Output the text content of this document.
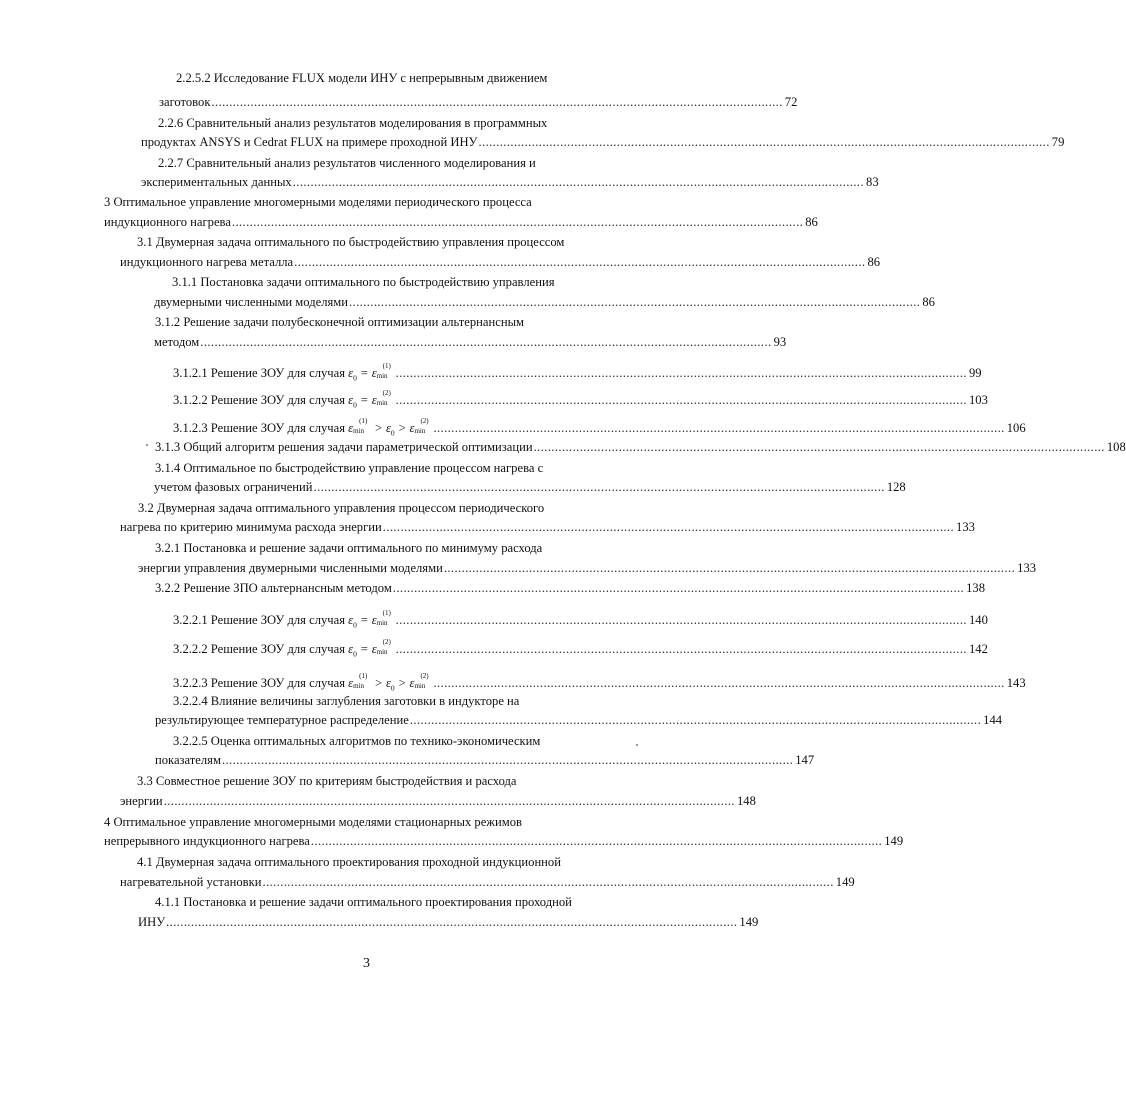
2.2.5.2 Исследование FLUX модели ИНУ с непрерывным движением
заготовок ................................................................................................................................................................. 72
2.2.6 Сравнительный анализ результатов моделирования в программных
продуктах ANSYS и Cedrat FLUX на примере проходной ИНУ ................................................................................................................................................................. 79
2.2.7 Сравнительный анализ результатов численного моделирования и
экспериментальных данных ................................................................................................................................................................. 83
3 Оптимальное управление многомерными моделями периодического процесса
индукционного нагрева ................................................................................................................................................................. 86
3.1 Двумерная задача оптимального по быстродействию управления процессом
индукционного нагрева металла ................................................................................................................................................................. 86
3.1.1 Постановка задачи оптимального по быстродействию управления
двумерными численными моделями ................................................................................................................................................................. 86
3.1.2 Решение задачи полубесконечной оптимизации альтернансным
методом ................................................................................................................................................................. 93
3.1.2.1 Решение ЗОУ для случая $\varepsilon_0 = \varepsilon$ (1)
min ................................................................................................................................................................. 99
3.1.2.2 Решение ЗОУ для случая $\varepsilon_0 = \varepsilon$ (2)
min ................................................................................................................................................................. 103
3.1.2.3 Решение ЗОУ для случая ε (1)
$\min > \varepsilon_0 > \varepsilon$ (2)
min ................................................................................................................................................................. 106
3.1.3 Общий алгоритм решения задачи параметрической оптимизации ................................................................................................................................................................. 108
3.1.4 Оптимальное по быстродействию управление процессом нагрева с
учетом фазовых ограничений ................................................................................................................................................................. 128
3.2 Двумерная задача оптимального управления процессом периодического
нагрева по критерию минимума расхода энергии ................................................................................................................................................................. 133
3.2.1 Постановка и решение задачи оптимального по минимуму расхода
энергии управления двумерными численными моделями ................................................................................................................................................................. 133
3.2.2 Решение ЗПО альтернансным методом ................................................................................................................................................................. 138
3.2.2.1 Решение ЗОУ для случая $\varepsilon_0 = \varepsilon$ (1)
min ................................................................................................................................................................. 140
3.2.2.2 Решение ЗОУ для случая $\varepsilon_0 = \varepsilon$ (2)
min ................................................................................................................................................................. 142
3.2.2.3 Решение ЗОУ для случая ε (1)
$\min > \varepsilon_0 > \varepsilon$ (2)
min ................................................................................................................................................................. 143
3.2.2.4 Влияние величины заглубления заготовки в индукторе на
результирующее температурное распределение ................................................................................................................................................................. 144
3.2.2.5 Оценка оптимальных алгоритмов по технико-экономическим
показателям ................................................................................................................................................................. 147
3.3 Совместное решение ЗОУ по критериям быстродействия и расхода
энергии ................................................................................................................................................................. 148
4 Оптимальное управление многомерными моделями стационарных режимов
непрерывного индукционного нагрева ................................................................................................................................................................. 149
4.1 Двумерная задача оптимального проектирования проходной индукционной
нагревательной установки ................................................................................................................................................................. 149
4.1.1 Постановка и решение задачи оптимального проектирования проходной
ИНУ ................................................................................................................................................................. 149
3
